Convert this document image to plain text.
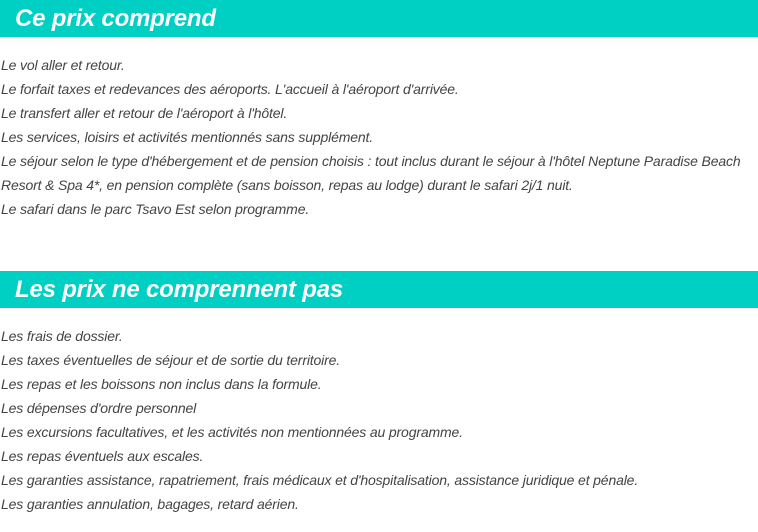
Ce prix comprend
Le vol aller et retour.
Le forfait taxes et redevances des aéroports. L'accueil à l'aéroport d'arrivée.
Le transfert aller et retour de l'aéroport à l'hôtel.
Les services, loisirs et activités mentionnés sans supplément.
Le séjour selon le type d'hébergement et de pension choisis : tout inclus durant le séjour à l'hôtel Neptune Paradise Beach
Resort & Spa 4*, en pension complète (sans boisson, repas au lodge) durant le safari 2j/1 nuit.
Le safari dans le parc Tsavo Est selon programme.
Les prix ne comprennent pas
Les frais de dossier.
Les taxes éventuelles de séjour et de sortie du territoire.
Les repas et les boissons non inclus dans la formule.
Les dépenses d'ordre personnel
Les excursions facultatives, et les activités non mentionnées au programme.
Les repas éventuels aux escales.
Les garanties assistance, rapatriement, frais médicaux et d'hospitalisation, assistance juridique et pénale.
Les garanties annulation, bagages, retard aérien.
